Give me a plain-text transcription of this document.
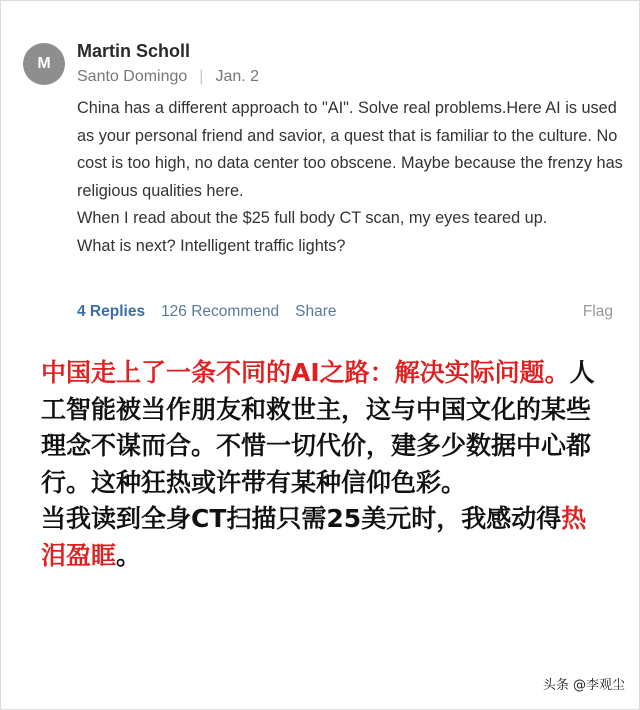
M
Martin Scholl
Santo Domingo | Jan. 2

China has a different approach to "AI". Solve real problems.Here AI is used as your personal friend and savior, a quest that is familiar to the culture. No cost is too high, no data center too obscene. Maybe because the frenzy has religious qualities here.

When I read about the $25 full body CT scan, my eyes teared up.

What is next? Intelligent traffic lights?

4 Replies 126 Recommend Share	Flag
中国走上了一条不同的AI之路：解决实际问题。人工智能被当作朋友和救世主，这与中国文化的某些理念不谋而合。不惜一切代价，建多少数据中心都行。这种狂热或许带有某种信仰色彩。
当我读到全身CT扫描只需25美元时，我感动得热泪盈眶。
头条 @李观尘
